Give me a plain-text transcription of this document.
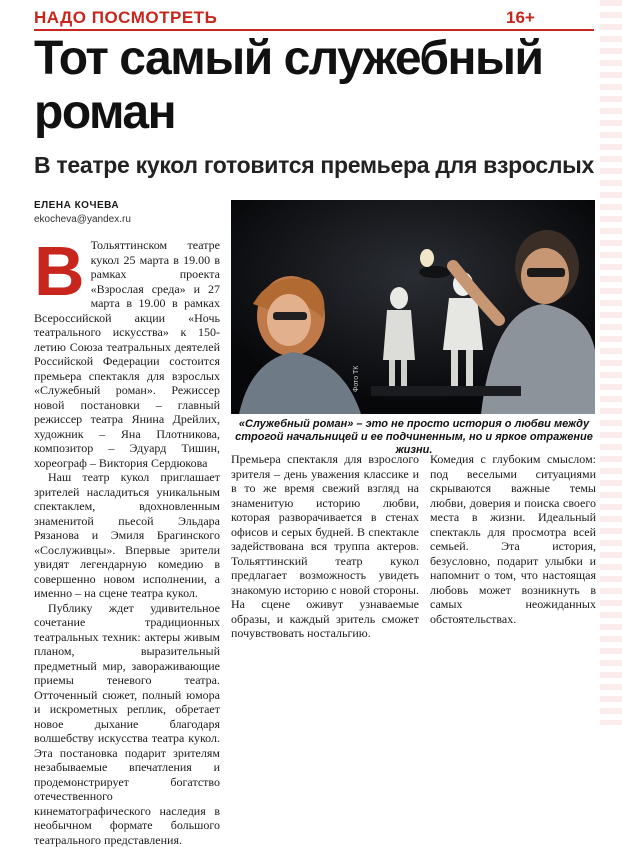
НАДО ПОСМОТРЕТЬ	16+
Тот самый служебный роман
В театре кукол готовится премьера для взрослых
ЕЛЕНА КОЧЕВА
ekocheva@yandex.ru
Фото ТК

«Служебный роман» – это не просто история о любви между строгой начальницей и ее подчиненным, но и яркое отражение жизни.

В Тольяттинском театре кукол 25 марта в 19.00 в рамках проекта «Взрослая среда» и 27 марта в 19.00 в рамках Всероссийской акции «Ночь театрального искусства» к 150-летию Союза театральных деятелей Российской Федерации состоится премьера спектакля для взрослых «Служебный роман». Режиссер новой постановки – главный режиссер театра Янина Дрейлих, художник – Яна Плотникова, композитор – Эдуард Тишин, хореограф – Виктория Сердюкова

Наш театр кукол приглашает зрителей насладиться уникальным спектаклем, вдохновленным знаменитой пьесой Эльдара Рязанова и Эмиля Брагинского «Сослуживцы». Впервые зрители увидят легендарную комедию в совершенно новом исполнении, а именно – на сцене театра кукол.

Публику ждет удивительное сочетание традиционных театральных техник: актеры живым планом, выразительный предметный мир, завораживающие приемы теневого театра. Отточенный сюжет, полный юмора и искрометных реплик, обретает новое дыхание благодаря волшебству искусства театра кукол. Эта постановка подарит зрителям незабываемые впечатления и продемонстрирует богатство отечественного кинематографического наследия в необычном формате большого театрального представления.

Премьера спектакля для взрослого зрителя – день уважения классике и в то же время свежий взгляд на знаменитую историю любви, которая разворачивается в стенах офисов и серых будней. В спектакле задействована вся труппа актеров. Тольяттинский театр кукол предлагает возможность увидеть знакомую историю с новой стороны. На сцене оживут узнаваемые образы, и каждый зритель сможет почувствовать ностальгию.

Комедия с глубоким смыслом: под веселыми ситуациями скрываются важные темы любви, доверия и поиска своего места в жизни. Идеальный спектакль для просмотра всей семьей. Эта история, безусловно, подарит улыбки и напомнит о том, что настоящая любовь может возникнуть в самых неожиданных обстоятельствах.
